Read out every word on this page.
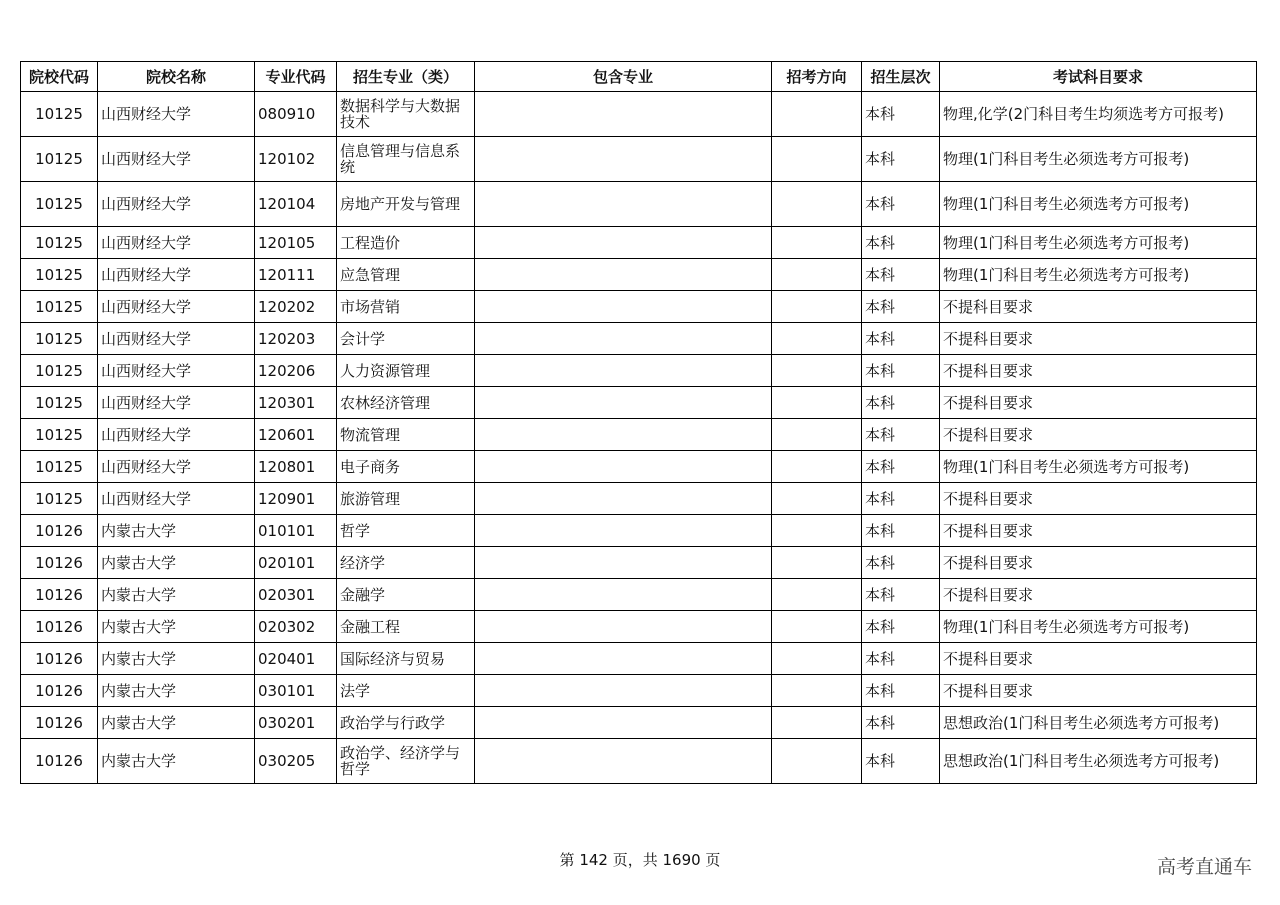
院校代码	院校名称	专业代码	招生专业（类）	包含专业	招考方向	招生层次	考试科目要求
10125	山西财经大学	080910	数据科学与大数据技术			本科	物理,化学(2门科目考生均须选考方可报考)
10125	山西财经大学	120102	信息管理与信息系统			本科	物理(1门科目考生必须选考方可报考)
10125	山西财经大学	120104	房地产开发与管理			本科	物理(1门科目考生必须选考方可报考)
10125	山西财经大学	120105	工程造价			本科	物理(1门科目考生必须选考方可报考)
10125	山西财经大学	120111	应急管理			本科	物理(1门科目考生必须选考方可报考)
10125	山西财经大学	120202	市场营销			本科	不提科目要求
10125	山西财经大学	120203	会计学			本科	不提科目要求
10125	山西财经大学	120206	人力资源管理			本科	不提科目要求
10125	山西财经大学	120301	农林经济管理			本科	不提科目要求
10125	山西财经大学	120601	物流管理			本科	不提科目要求
10125	山西财经大学	120801	电子商务			本科	物理(1门科目考生必须选考方可报考)
10125	山西财经大学	120901	旅游管理			本科	不提科目要求
10126	内蒙古大学	010101	哲学			本科	不提科目要求
10126	内蒙古大学	020101	经济学			本科	不提科目要求
10126	内蒙古大学	020301	金融学			本科	不提科目要求
10126	内蒙古大学	020302	金融工程			本科	物理(1门科目考生必须选考方可报考)
10126	内蒙古大学	020401	国际经济与贸易			本科	不提科目要求
10126	内蒙古大学	030101	法学			本科	不提科目要求
10126	内蒙古大学	030201	政治学与行政学			本科	思想政治(1门科目考生必须选考方可报考)
10126	内蒙古大学	030205	政治学、经济学与哲学			本科	思想政治(1门科目考生必须选考方可报考)
第 142 页，共 1690 页	高考直通车
